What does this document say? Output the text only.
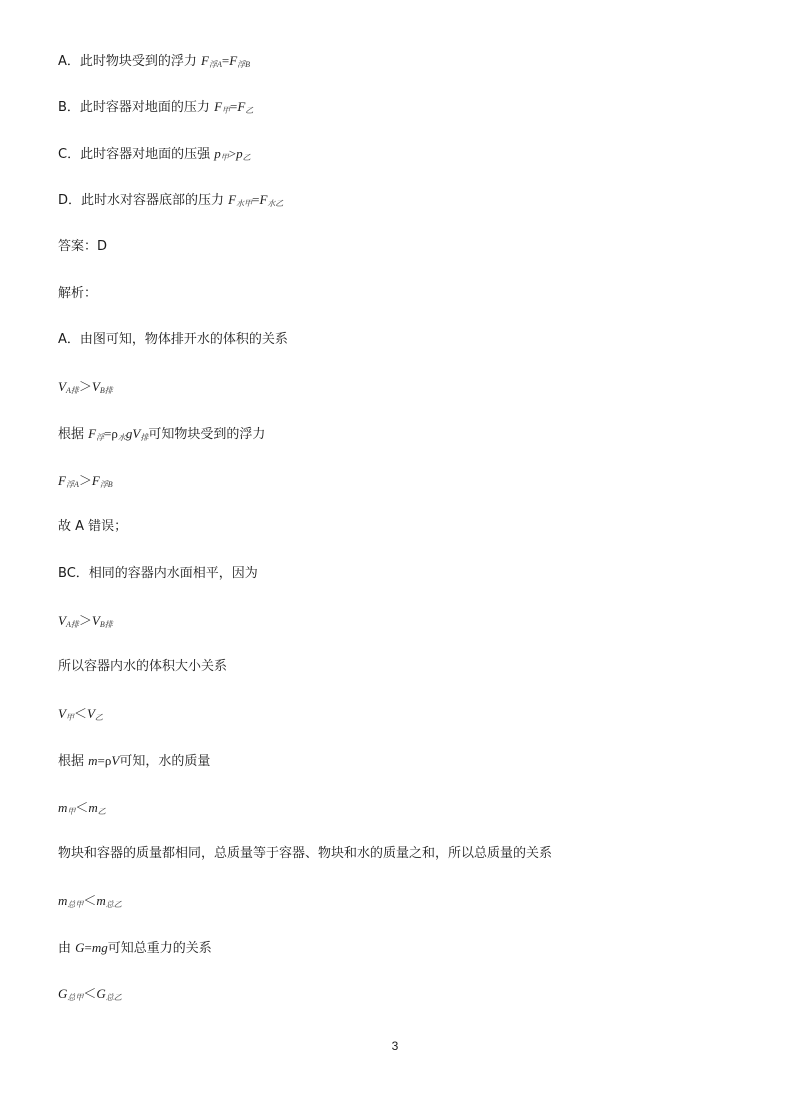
A．此时物块受到的浮力 $F_{浮A}=F_{浮B}$
B．此时容器对地面的压力 $F_甲=F_乙$
C．此时容器对地面的压强 $p_甲>p_乙$
D．此时水对容器底部的压力 $F_{水甲}=F_{水乙}$
答案：D
解析：
A．由图可知，物体排开水的体积的关系
$V_{A排}>V_{B排}$
根据 $F_浮=\rho_水gV_排$可知物块受到的浮力
$F_{浮A}>F_{浮B}$
故 A 错误；
BC．相同的容器内水面相平，因为
$V_{A排}>V_{B排}$
所以容器内水的体积大小关系
$V_甲<V_乙$
根据 m=ρV可知，水的质量
$m_甲<m_乙$
物块和容器的质量都相同，总质量等于容器、物块和水的质量之和，所以总质量的关系
$m_{总甲}<m_{总乙}$
由 G=mg可知总重力的关系
$G_{总甲}<G_{总乙}$
3
